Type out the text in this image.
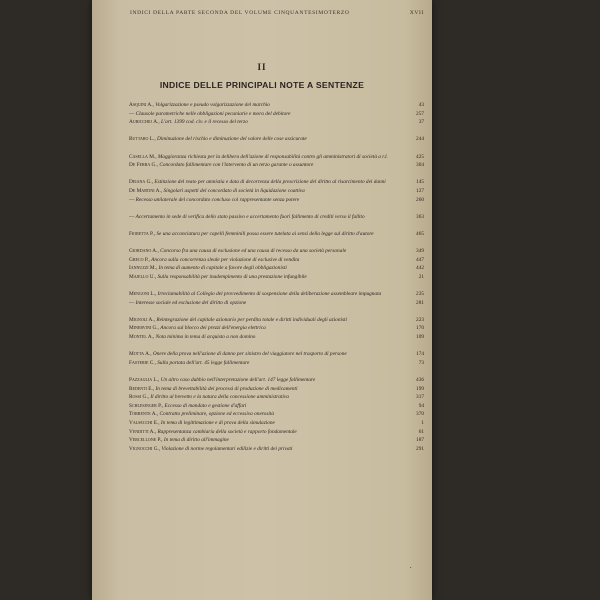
INDICI DELLA PARTE SECONDA DEL VOLUME CINQUANTESIMOTERZO	XVII
II
INDICE DELLE PRINCIPALI NOTE A SENTENZE
Asquini A., Volgarizzazione e pseudo volgarizzazione del marchio	43
— Clausole parametriche nelle obbligazioni pecuniarie e mora del debitore	257
Auricchio A., L'art. 1399 cod. civ. e il recesso del terzo	37
Buttaro L., Diminuzione del rischio e diminuzione del valore delle cose assicurate	244
Casella M., Maggioranza richiesta per la delibera dell'azione di responsabilità contro gli amministratori di società a r.l.	425
De Ferra G., Concordato fallimentare con l'intervento di un terzo garante o assuntore	304
Deiana G., Estinzione del reato per amnistia e data di decorrenza della prescrizione del diritto al risarcimento dei danni	145
De Martini A., Singolari aspetti del concordato di società in liquidazione coattiva	127
— Recesso unilaterale del concordato concluso col rappresentante senza potere	260
— Accertamento in sede di verifica dello stato passivo e accertamento fuori fallimento di crediti verso il fallito	363
Fioretta P., Se una acconciatura per capelli femminili possa essere tutelata ai sensi della legge sul diritto d'autore	465
Giordano A., Concorso fra una causa di esclusione ed una causa di recesso da una società personale	349
Greco P., Ancora sulla concorrenza sleale per violazione di esclusive di vendita	447
Iannuzzi M., In tema di aumento di capitale a favore degli obbligazionisti	442
Majello U., Sulla responsabilità per inadempimento di una prestazione infungibile	21
Mengoni L., Irreclamabilità al Collegio del provvedimento di sospensione della deliberazione assembleare impugnata	235
— Interesse sociale ed esclusione del diritto di opzione	281
Mignoli A., Reintegrazione del capitale azionario per perdita totale e diritti individuali degli azionisti	223
Minervini G., Ancora sul blocco dei prezzi dell'energia elettrica	170
Montel A., Nota minima in tema di acquisto a non domino	109
Motta A., Onere della prova nell'azione di danno per sinistro del viaggiatore nel trasporto di persone	174
Fasterie C., Sulla portata dell'art. 45 legge fallimentare	73
Pazzaglia L., Un altro caso dubbio nell'interpretazione dell'art. 147 legge fallimentare	436
Redenti E., In tema di brevettabilità dei processi di produzione di medicamenti	199
Rossi G., Il diritto al brevetto e la natura della concessione amministrativa	317
Schlesinger P., Eccesso di mandato e gestione d'affari	94
Torrente A., Contratto preliminare, opzione ed eccessiva onerosità	370
Valsecchi E., In tema di legittimazione e di prova della simulazione	1
Venditti A., Rappresentanza cambiaria della società e rapporto fondamentale	61
Vercellone P., In tema di diritto all'immagine	187
Vignocchi G., Violazione di norme regolamentari edilizie e diritti dei privati	291
•
